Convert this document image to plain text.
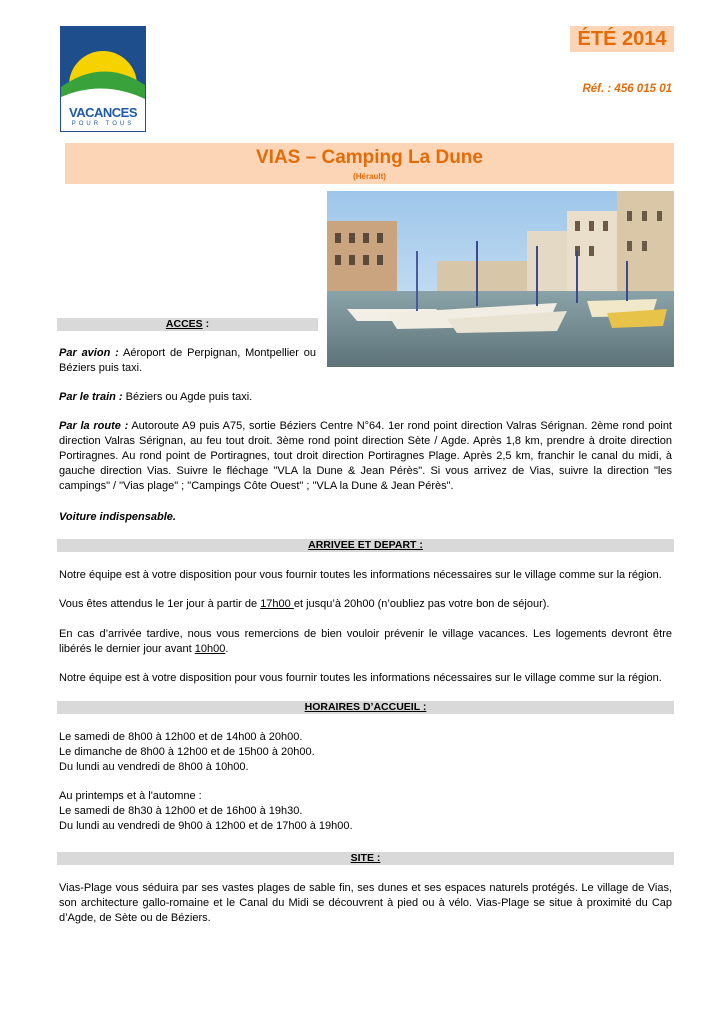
VACANCES
POUR TOUS
ÉTÉ 2014
Réf. : 456 015 01
VIAS – Camping La Dune
(Hérault)
ACCES :
Par avion : Aéroport de Perpignan, Montpellier ou Béziers puis taxi.
Par le train : Béziers ou Agde puis taxi.
Par la route : Autoroute A9 puis A75, sortie Béziers Centre N°64. 1er rond point direction Valras Sérignan. 2ème rond point direction Valras Sérignan, au feu tout droit. 3ème rond point direction Sète / Agde. Après 1,8 km, prendre à droite direction Portiragnes. Au rond point de Portiragnes, tout droit direction Portiragnes Plage. Après 2,5 km, franchir le canal du midi, à gauche direction Vias. Suivre le fléchage "VLA la Dune & Jean Pérès". Si vous arrivez de Vias, suivre la direction "les campings" / "Vias plage" ; "Campings Côte Ouest" ; "VLA la Dune & Jean Pérès".
Voiture indispensable.
ARRIVEE ET DEPART :
Notre équipe est à votre disposition pour vous fournir toutes les informations nécessaires sur le village comme sur la région.
Vous êtes attendus le 1er jour à partir de 17h00 et jusqu’à 20h00 (n’oubliez pas votre bon de séjour).
En cas d’arrivée tardive, nous vous remercions de bien vouloir prévenir le village vacances. Les logements devront être libérés le dernier jour avant 10h00.
Notre équipe est à votre disposition pour vous fournir toutes les informations nécessaires sur le village comme sur la région.
HORAIRES D’ACCUEIL :
Le samedi de 8h00 à 12h00 et de 14h00 à 20h00.
Le dimanche de 8h00 à 12h00 et de 15h00 à 20h00.
Du lundi au vendredi de 8h00 à 10h00.
Au printemps et à l'automne :
Le samedi de 8h30 à 12h00 et de 16h00 à 19h30.
Du lundi au vendredi de 9h00 à 12h00 et de 17h00 à 19h00.
SITE :
Vias-Plage vous séduira par ses vastes plages de sable fin, ses dunes et ses espaces naturels protégés. Le village de Vias, son architecture gallo-romaine et le Canal du Midi se découvrent à pied ou à vélo. Vias-Plage se situe à proximité du Cap d’Agde, de Sète ou de Béziers.
